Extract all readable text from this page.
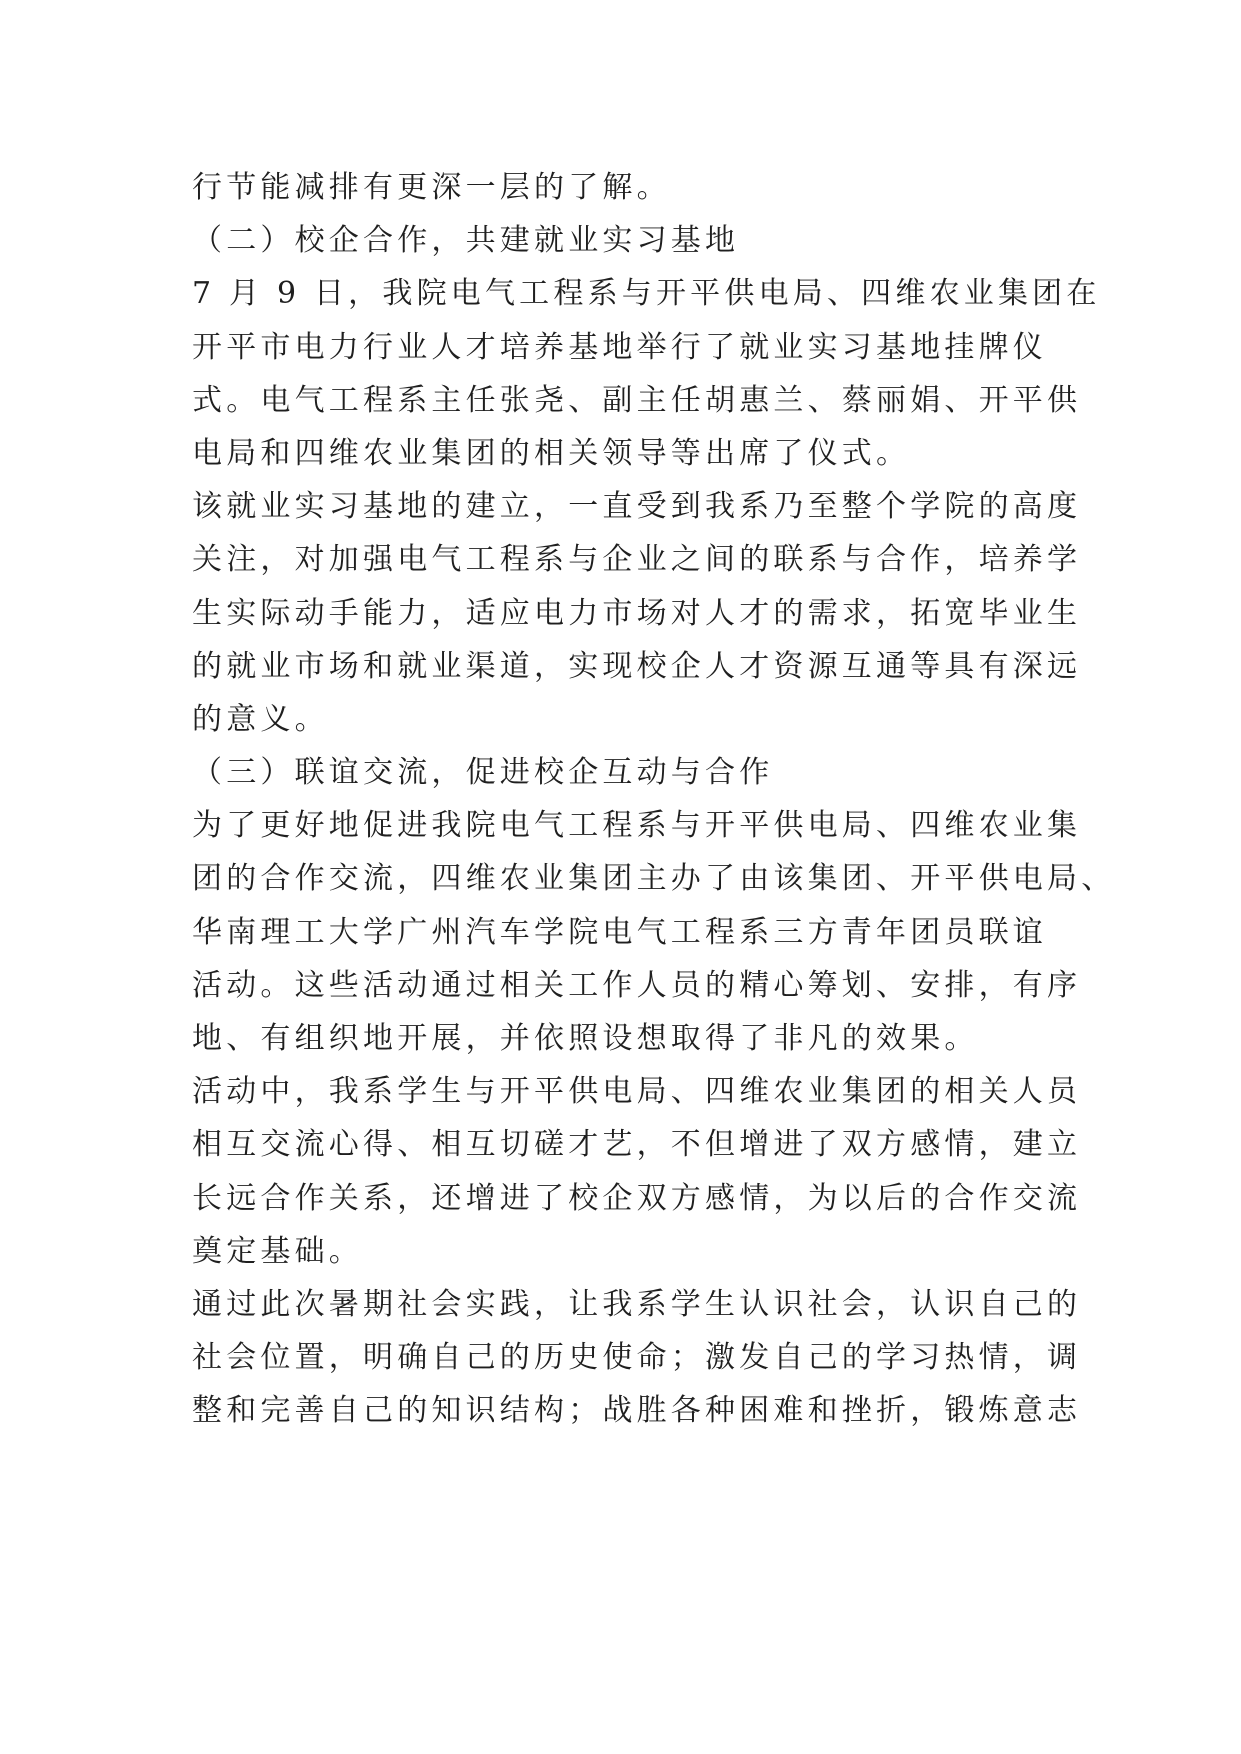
行节能减排有更深一层的了解。
（二）校企合作，共建就业实习基地
7 月 9 日，我院电气工程系与开平供电局、四维农业集团在
开平市电力行业人才培养基地举行了就业实习基地挂牌仪
式。电气工程系主任张尧、副主任胡惠兰、蔡丽娟、开平供
电局和四维农业集团的相关领导等出席了仪式。
该就业实习基地的建立，一直受到我系乃至整个学院的高度
关注，对加强电气工程系与企业之间的联系与合作，培养学
生实际动手能力，适应电力市场对人才的需求，拓宽毕业生
的就业市场和就业渠道，实现校企人才资源互通等具有深远
的意义。
（三）联谊交流，促进校企互动与合作
为了更好地促进我院电气工程系与开平供电局、四维农业集
团的合作交流，四维农业集团主办了由该集团、开平供电局、
华南理工大学广州汽车学院电气工程系三方青年团员联谊
活动。这些活动通过相关工作人员的精心筹划、安排，有序
地、有组织地开展，并依照设想取得了非凡的效果。
活动中，我系学生与开平供电局、四维农业集团的相关人员
相互交流心得、相互切磋才艺，不但增进了双方感情，建立
长远合作关系，还增进了校企双方感情，为以后的合作交流
奠定基础。
通过此次暑期社会实践，让我系学生认识社会，认识自己的
社会位置，明确自己的历史使命；激发自己的学习热情，调
整和完善自己的知识结构；战胜各种困难和挫折，锻炼意志
